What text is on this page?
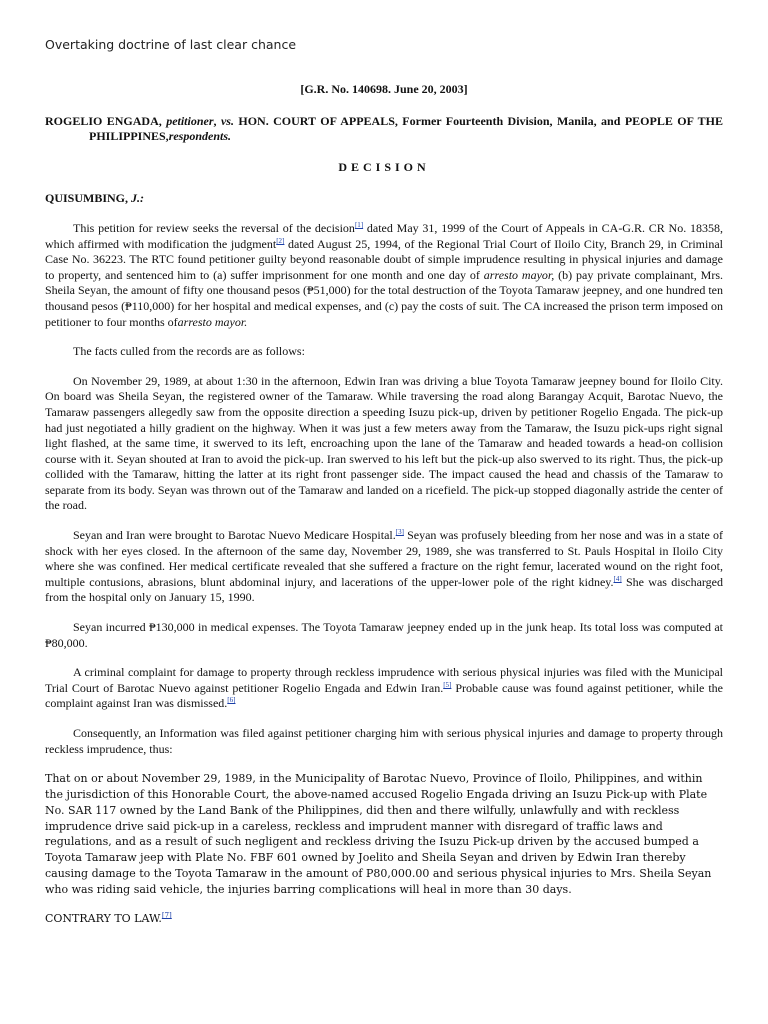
Overtaking doctrine of last clear chance

[G.R. No. 140698. June 20, 2003]

ROGELIO ENGADA, petitioner, vs. HON. COURT OF APPEALS, Former Fourteenth Division, Manila, and PEOPLE OF THE PHILIPPINES,respondents.

DECISION

QUISUMBING, J.:

This petition for review seeks the reversal of the decision[1] dated May 31, 1999 of the Court of Appeals in CA-G.R. CR No. 18358, which affirmed with modification the judgment[2] dated August 25, 1994, of the Regional Trial Court of Iloilo City, Branch 29, in Criminal Case No. 36223. The RTC found petitioner guilty beyond reasonable doubt of simple imprudence resulting in physical injuries and damage to property, and sentenced him to (a) suffer imprisonment for one month and one day of arresto mayor, (b) pay private complainant, Mrs. Sheila Seyan, the amount of fifty one thousand pesos (₱51,000) for the total destruction of the Toyota Tamaraw jeepney, and one hundred ten thousand pesos (₱110,000) for her hospital and medical expenses, and (c) pay the costs of suit. The CA increased the prison term imposed on petitioner to four months ofarresto mayor.

The facts culled from the records are as follows:

On November 29, 1989, at about 1:30 in the afternoon, Edwin Iran was driving a blue Toyota Tamaraw jeepney bound for Iloilo City. On board was Sheila Seyan, the registered owner of the Tamaraw. While traversing the road along Barangay Acquit, Barotac Nuevo, the Tamaraw passengers allegedly saw from the opposite direction a speeding Isuzu pick-up, driven by petitioner Rogelio Engada. The pick-up had just negotiated a hilly gradient on the highway. When it was just a few meters away from the Tamaraw, the Isuzu pick-ups right signal light flashed, at the same time, it swerved to its left, encroaching upon the lane of the Tamaraw and headed towards a head-on collision course with it. Seyan shouted at Iran to avoid the pick-up. Iran swerved to his left but the pick-up also swerved to its right. Thus, the pick-up collided with the Tamaraw, hitting the latter at its right front passenger side. The impact caused the head and chassis of the Tamaraw to separate from its body. Seyan was thrown out of the Tamaraw and landed on a ricefield. The pick-up stopped diagonally astride the center of the road.

Seyan and Iran were brought to Barotac Nuevo Medicare Hospital.[3] Seyan was profusely bleeding from her nose and was in a state of shock with her eyes closed. In the afternoon of the same day, November 29, 1989, she was transferred to St. Pauls Hospital in Iloilo City where she was confined. Her medical certificate revealed that she suffered a fracture on the right femur, lacerated wound on the right foot, multiple contusions, abrasions, blunt abdominal injury, and lacerations of the upper-lower pole of the right kidney.[4] She was discharged from the hospital only on January 15, 1990.

Seyan incurred ₱130,000 in medical expenses. The Toyota Tamaraw jeepney ended up in the junk heap. Its total loss was computed at ₱80,000.

A criminal complaint for damage to property through reckless imprudence with serious physical injuries was filed with the Municipal Trial Court of Barotac Nuevo against petitioner Rogelio Engada and Edwin Iran.[5] Probable cause was found against petitioner, while the complaint against Iran was dismissed.[6]

Consequently, an Information was filed against petitioner charging him with serious physical injuries and damage to property through reckless imprudence, thus:

That on or about November 29, 1989, in the Municipality of Barotac Nuevo, Province of Iloilo, Philippines, and within the jurisdiction of this Honorable Court, the above-named accused Rogelio Engada driving an Isuzu Pick-up with Plate No. SAR 117 owned by the Land Bank of the Philippines, did then and there wilfully, unlawfully and with reckless imprudence drive said pick-up in a careless, reckless and imprudent manner with disregard of traffic laws and regulations, and as a result of such negligent and reckless driving the Isuzu Pick-up driven by the accused bumped a Toyota Tamaraw jeep with Plate No. FBF 601 owned by Joelito and Sheila Seyan and driven by Edwin Iran thereby causing damage to the Toyota Tamaraw in the amount of P80,000.00 and serious physical injuries to Mrs. Sheila Seyan who was riding said vehicle, the injuries barring complications will heal in more than 30 days.

CONTRARY TO LAW.[7]
